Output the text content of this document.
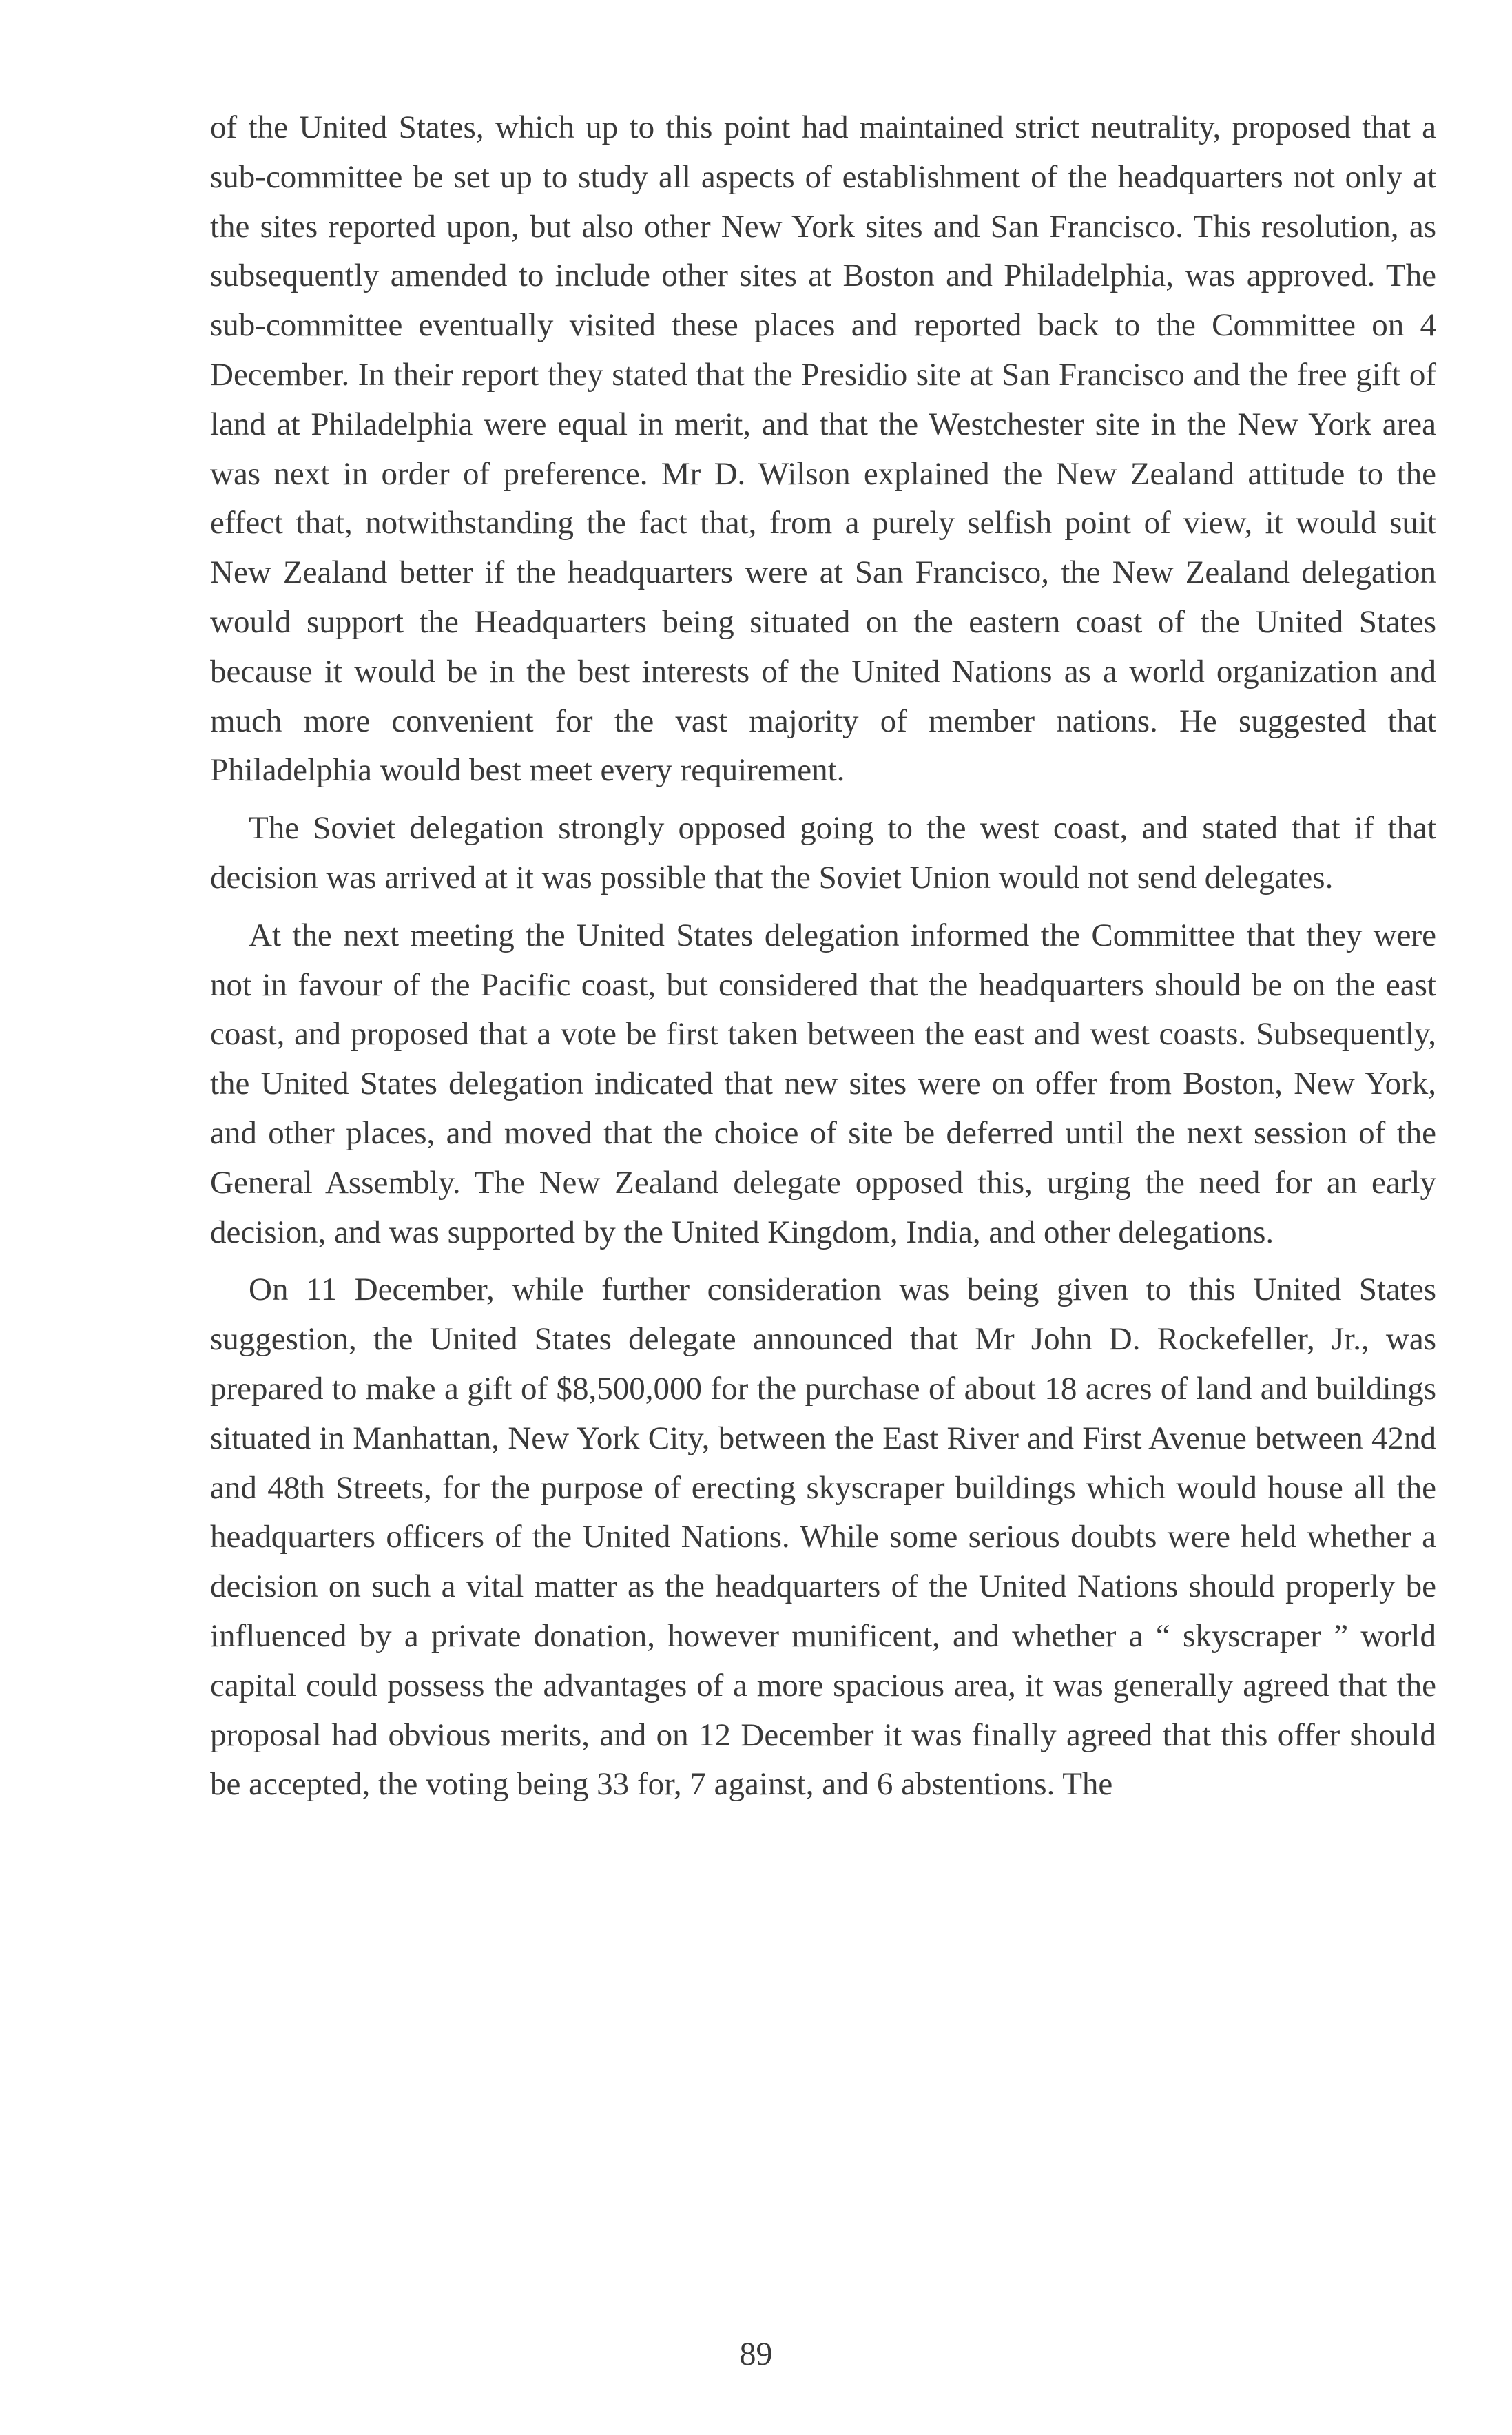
of the United States, which up to this point had maintained strict neutrality, proposed that a sub-committee be set up to study all aspects of establishment of the headquarters not only at the sites reported upon, but also other New York sites and San Francisco. This resolution, as subsequently amended to include other sites at Boston and Philadelphia, was approved. The sub-committee eventually visited these places and reported back to the Committee on 4 December. In their report they stated that the Presidio site at San Francisco and the free gift of land at Philadelphia were equal in merit, and that the Westchester site in the New York area was next in order of preference. Mr D. Wilson explained the New Zealand attitude to the effect that, notwithstanding the fact that, from a purely selfish point of view, it would suit New Zealand better if the headquarters were at San Francisco, the New Zealand delegation would support the Headquarters being situated on the eastern coast of the United States because it would be in the best interests of the United Nations as a world organization and much more convenient for the vast majority of member nations. He suggested that Philadelphia would best meet every requirement.

The Soviet delegation strongly opposed going to the west coast, and stated that if that decision was arrived at it was possible that the Soviet Union would not send delegates.

At the next meeting the United States delegation informed the Committee that they were not in favour of the Pacific coast, but considered that the headquarters should be on the east coast, and proposed that a vote be first taken between the east and west coasts. Subsequently, the United States delegation indicated that new sites were on offer from Boston, New York, and other places, and moved that the choice of site be deferred until the next session of the General Assembly. The New Zealand delegate opposed this, urging the need for an early decision, and was supported by the United Kingdom, India, and other delegations.

On 11 December, while further consideration was being given to this United States suggestion, the United States delegate announced that Mr John D. Rockefeller, Jr., was prepared to make a gift of $8,500,000 for the purchase of about 18 acres of land and buildings situated in Manhattan, New York City, between the East River and First Avenue between 42nd and 48th Streets, for the purpose of erecting skyscraper buildings which would house all the headquarters officers of the United Nations. While some serious doubts were held whether a decision on such a vital matter as the headquarters of the United Nations should properly be influenced by a private donation, however munificent, and whether a “ skyscraper ” world capital could possess the advantages of a more spacious area, it was generally agreed that the proposal had obvious merits, and on 12 December it was finally agreed that this offer should be accepted, the voting being 33 for, 7 against, and 6 abstentions. The

89
